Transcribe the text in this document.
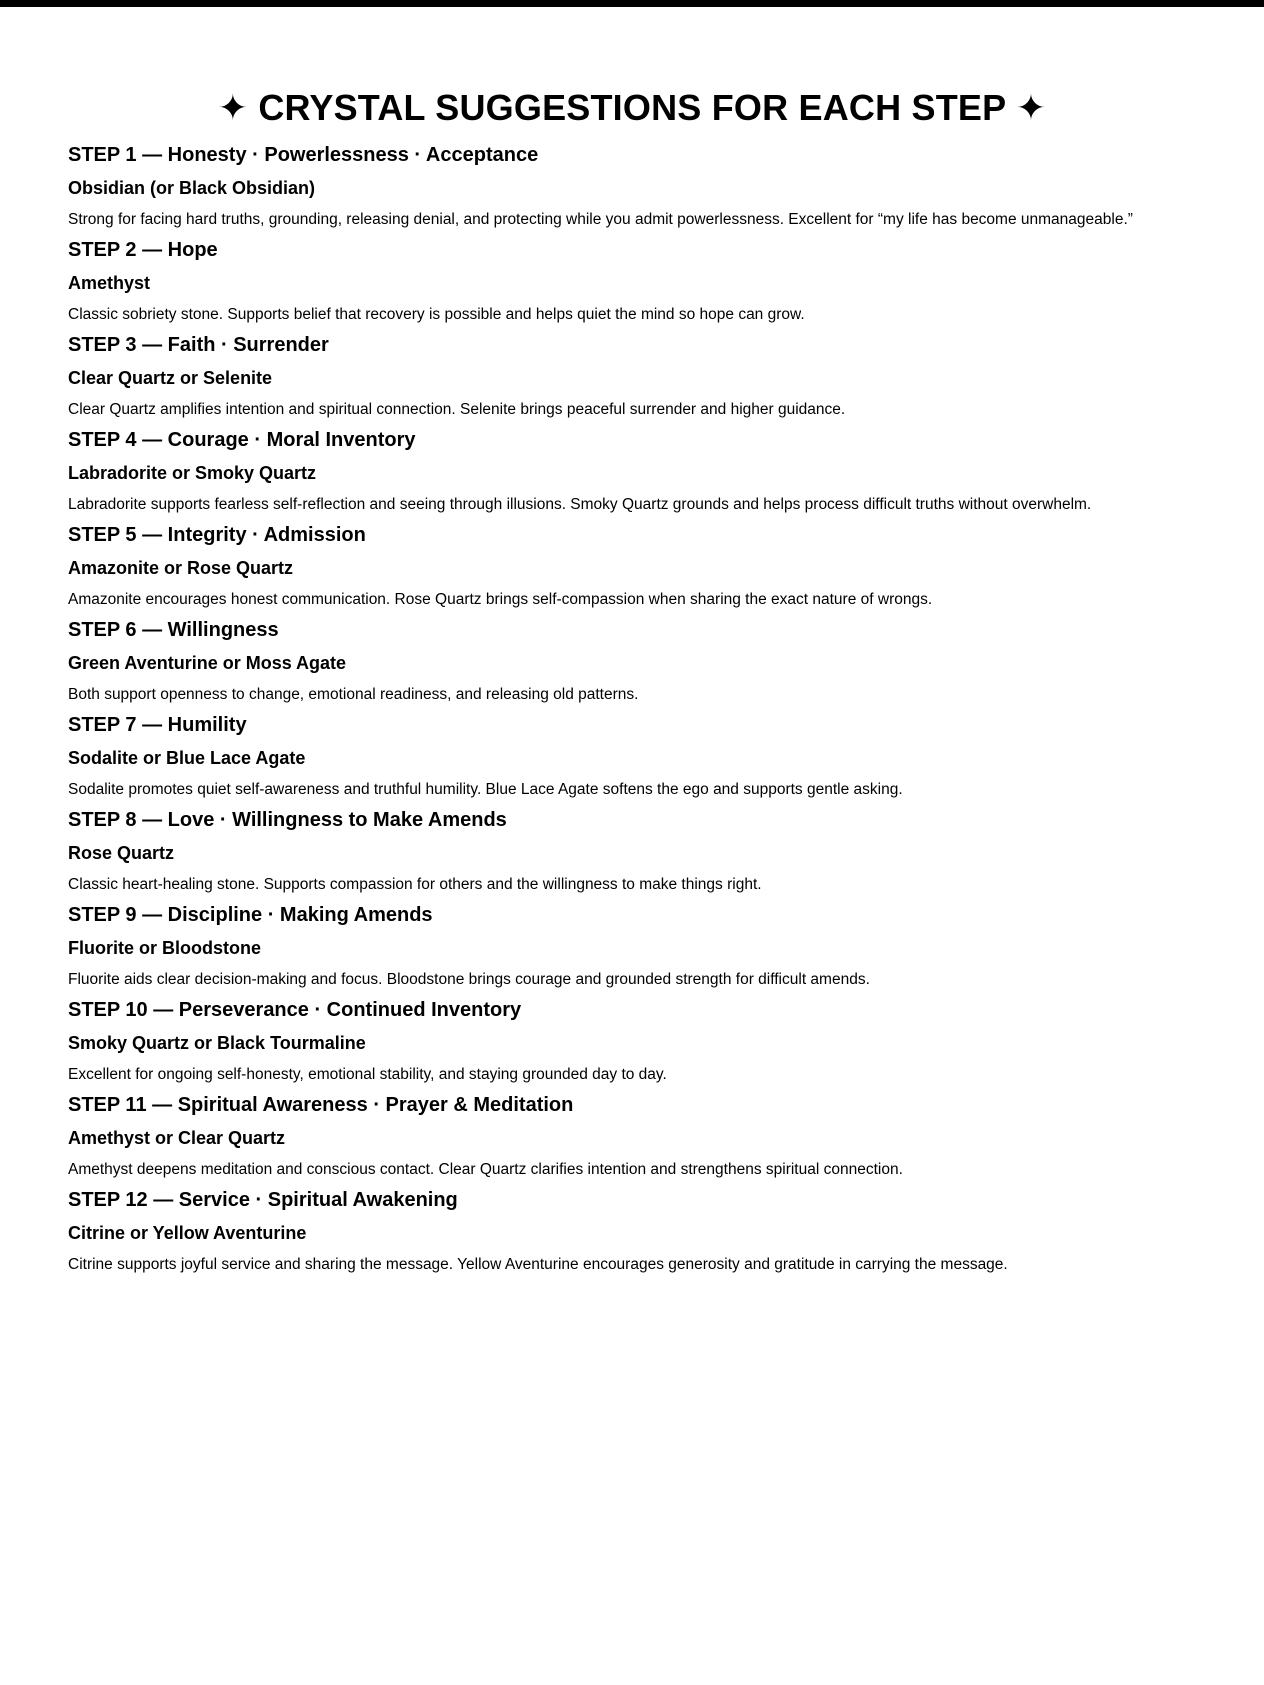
✦ CRYSTAL SUGGESTIONS FOR EACH STEP ✦
STEP 1 — Honesty · Powerlessness · Acceptance
Obsidian (or Black Obsidian)

Strong for facing hard truths, grounding, releasing denial, and protecting while you admit powerlessness. Excellent for “my life has become unmanageable.”

STEP 2 — Hope
Amethyst

Classic sobriety stone. Supports belief that recovery is possible and helps quiet the mind so hope can grow.

STEP 3 — Faith · Surrender
Clear Quartz or Selenite

Clear Quartz amplifies intention and spiritual connection. Selenite brings peaceful surrender and higher guidance.

STEP 4 — Courage · Moral Inventory
Labradorite or Smoky Quartz

Labradorite supports fearless self-reflection and seeing through illusions. Smoky Quartz grounds and helps process difficult truths without overwhelm.

STEP 5 — Integrity · Admission
Amazonite or Rose Quartz

Amazonite encourages honest communication. Rose Quartz brings self-compassion when sharing the exact nature of wrongs.

STEP 6 — Willingness
Green Aventurine or Moss Agate

Both support openness to change, emotional readiness, and releasing old patterns.

STEP 7 — Humility
Sodalite or Blue Lace Agate

Sodalite promotes quiet self-awareness and truthful humility. Blue Lace Agate softens the ego and supports gentle asking.

STEP 8 — Love · Willingness to Make Amends
Rose Quartz

Classic heart-healing stone. Supports compassion for others and the willingness to make things right.

STEP 9 — Discipline · Making Amends
Fluorite or Bloodstone

Fluorite aids clear decision-making and focus. Bloodstone brings courage and grounded strength for difficult amends.

STEP 10 — Perseverance · Continued Inventory
Smoky Quartz or Black Tourmaline

Excellent for ongoing self-honesty, emotional stability, and staying grounded day to day.

STEP 11 — Spiritual Awareness · Prayer & Meditation
Amethyst or Clear Quartz

Amethyst deepens meditation and conscious contact. Clear Quartz clarifies intention and strengthens spiritual connection.

STEP 12 — Service · Spiritual Awakening
Citrine or Yellow Aventurine

Citrine supports joyful service and sharing the message. Yellow Aventurine encourages generosity and gratitude in carrying the message.
